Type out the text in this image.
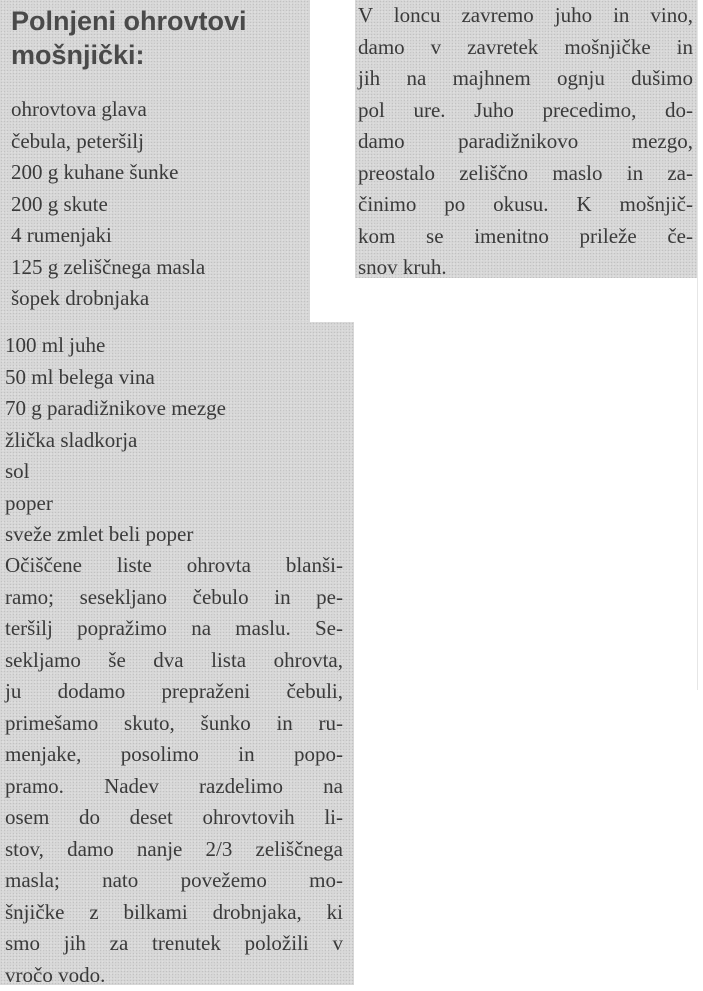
Polnjeni ohrovtovi
mošnjički:
ohrovtova glava
čebula, peteršilj
200 g kuhane šunke
200 g skute
4 rumenjaki
125 g zeliščnega masla
šopek drobnjaka
100 ml juhe
50 ml belega vina
70 g paradižnikove mezge
žlička sladkorja
sol
poper
sveže zmlet beli poper

Očiščene liste ohrovta blanši-
ramo; sesekljano čebulo in pe-
teršilj popražimo na maslu. Se-
sekljamo še dva lista ohrovta,
ju dodamo prepraženi čebuli,
primešamo skuto, šunko in ru-
menjake, posolimo in popo-
pramo. Nadev razdelimo na
osem do deset ohrovtovih li-
stov, damo nanje 2/3 zeliščnega
masla; nato povežemo mo-
šnjičke z bilkami drobnjaka, ki
smo jih za trenutek položili v
vročo vodo.

V loncu zavremo juho in vino,
damo v zavretek mošnjičke in
jih na majhnem ognju dušimo
pol ure. Juho precedimo, do-
damo paradižnikovo mezgo,
preostalo zeliščno maslo in za-
činimo po okusu. K mošnjič-
kom se imenitno prileže če-
snov kruh.
